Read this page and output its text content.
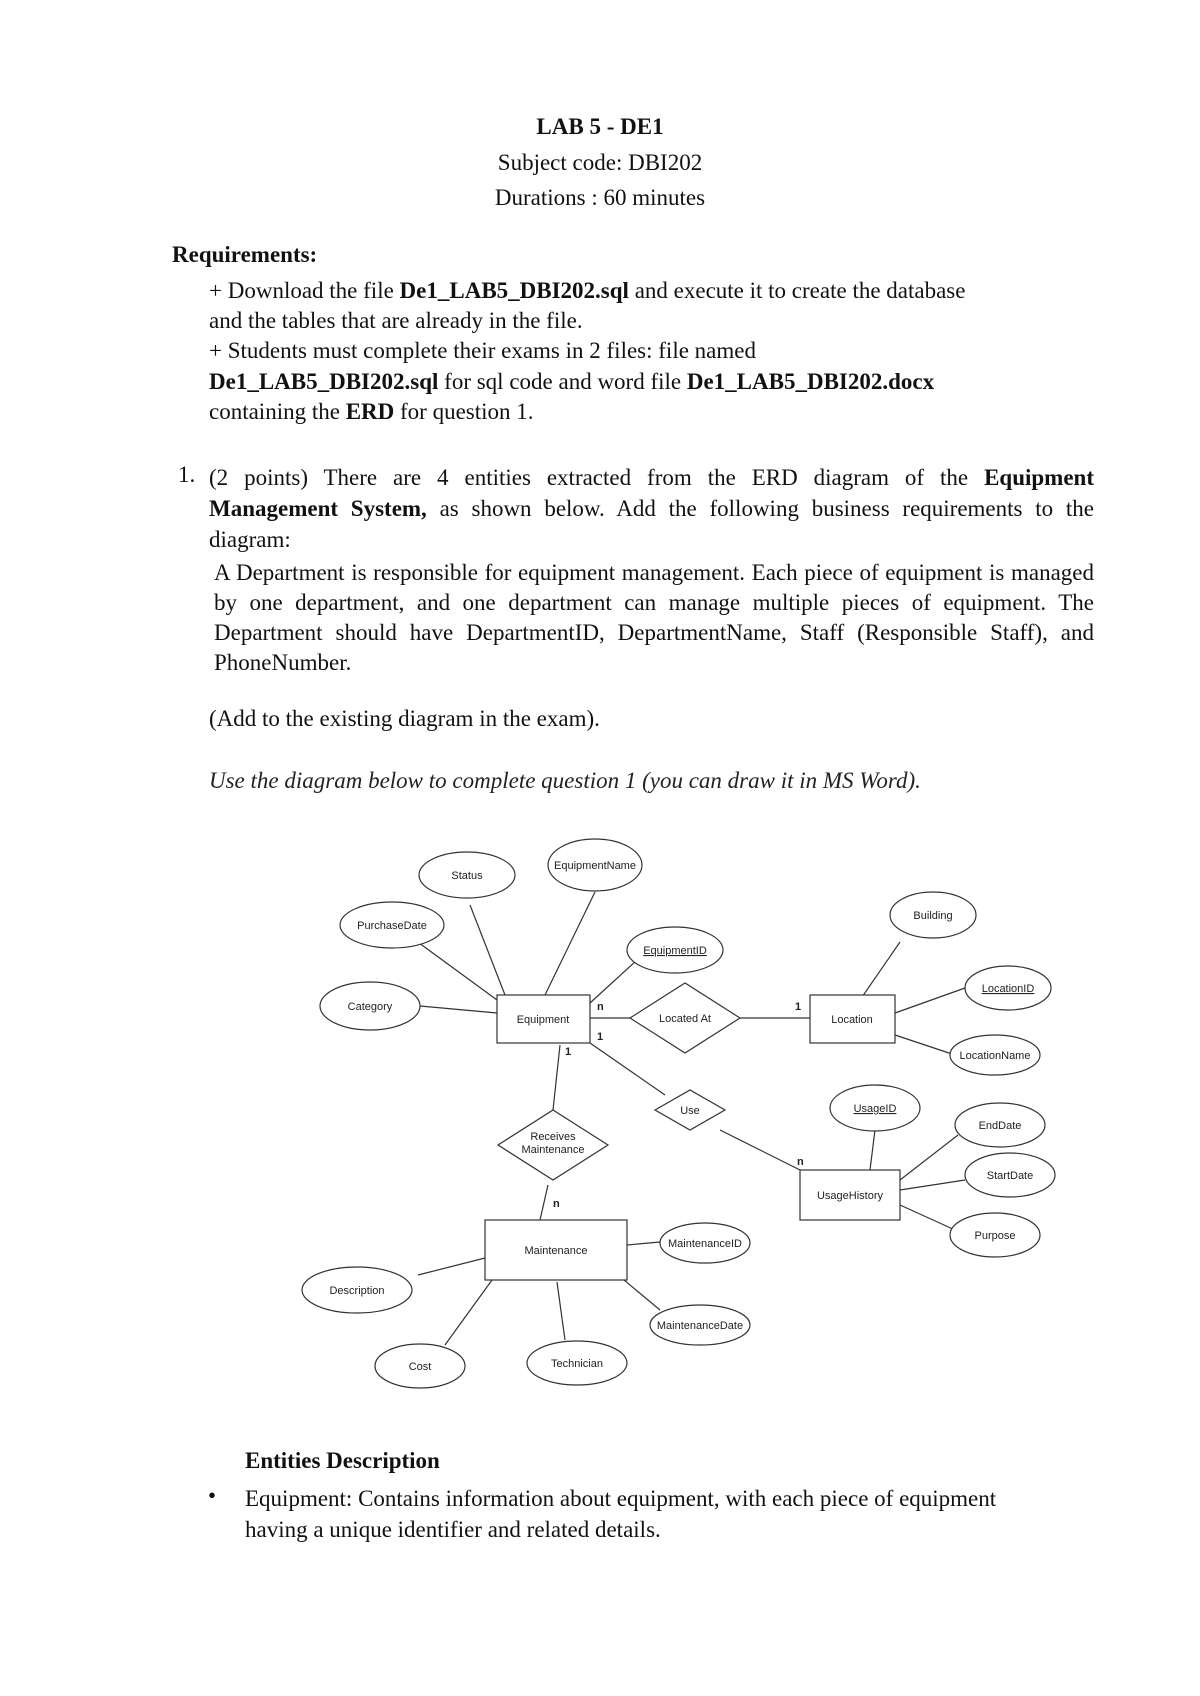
LAB 5 - DE1
Subject code: DBI202
Durations : 60 minutes
Requirements:
+ Download the file De1_LAB5_DBI202.sql and execute it to create the database
and the tables that are already in the file.
+ Students must complete their exams in 2 files: file named
De1_LAB5_DBI202.sql for sql code and word file De1_LAB5_DBI202.docx
containing the ERD for question 1.
1. (2 points) There are 4 entities extracted from the ERD diagram of the Equipment Management System, as shown below. Add the following business requirements to the diagram:
A Department is responsible for equipment management. Each piece of equipment is managed by one department, and one department can manage multiple pieces of equipment. The Department should have DepartmentID, DepartmentName, Staff (Responsible Staff), and PhoneNumber.
(Add to the existing diagram in the exam).
Use the diagram below to complete question 1 (you can draw it in MS Word).
Equipment	Location
UsageHistory
Maintenance
Located At
Use
Receives
Maintenance
Status
EquipmentName
PurchaseDate
EquipmentID
Category
Building
LocationID
LocationName
UsageID
EndDate
StartDate
Purpose
MaintenanceID
MaintenanceDate
Description
Cost	Technician
n	1
1
1
n
n
Entities Description
• Equipment: Contains information about equipment, with each piece of equipment having a unique identifier and related details.
